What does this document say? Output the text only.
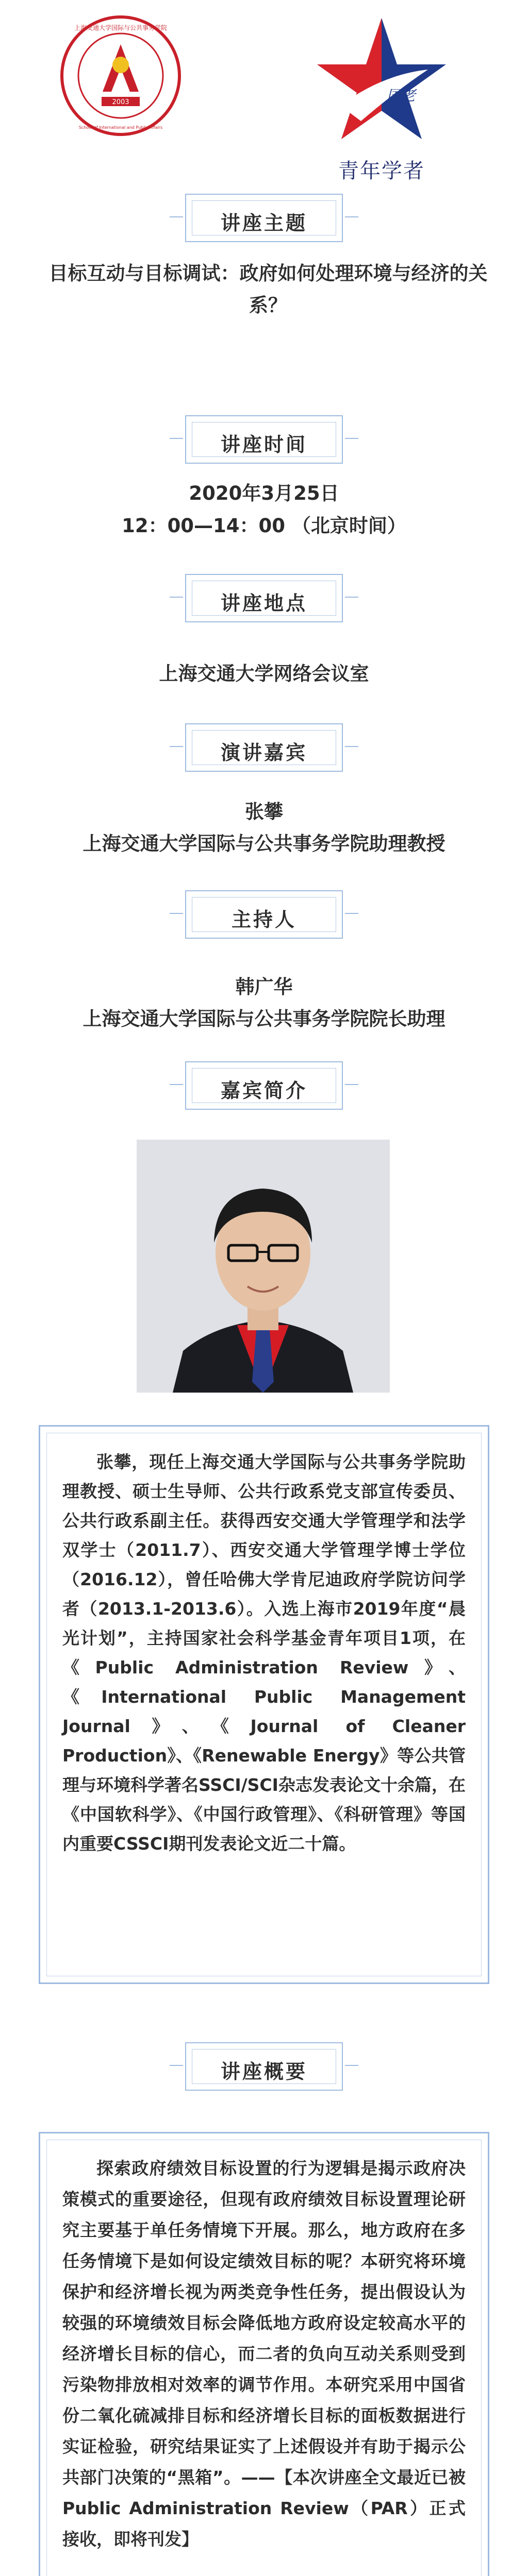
2003
上海交通大学国际与公共事务学院
School of International and Public Affairs
国老
青年学者
讲座主题
目标互动与目标调试：政府如何处理环境与经济的关系？
讲座时间
2020年3月25日
12：00—14：00 （北京时间）
讲座地点
上海交通大学网络会议室
演讲嘉宾
张攀
上海交通大学国际与公共事务学院助理教授
主持人
韩广华
上海交通大学国际与公共事务学院院长助理
嘉宾简介
张攀，现任上海交通大学国际与公共事务学院助理教授、硕士生导师、公共行政系党支部宣传委员、公共行政系副主任。获得西安交通大学管理学和法学双学士（2011.7）、西安交通大学管理学博士学位（2016.12），曾任哈佛大学肯尼迪政府学院访问学者（2013.1-2013.6）。入选上海市2019年度“晨光计划”，主持国家社会科学基金青年项目1项，在《Public Administration Review》、《International Public Management Journal》、《Journal of Cleaner Production》、《Renewable Energy》等公共管理与环境科学著名SSCI/SCI杂志发表论文十余篇，在《中国软科学》、《中国行政管理》、《科研管理》等国内重要CSSCI期刊发表论文近二十篇。
讲座概要
探索政府绩效目标设置的行为逻辑是揭示政府决策模式的重要途径，但现有政府绩效目标设置理论研究主要基于单任务情境下开展。那么，地方政府在多任务情境下是如何设定绩效目标的呢？本研究将环境保护和经济增长视为两类竞争性任务，提出假设认为较强的环境绩效目标会降低地方政府设定较高水平的经济增长目标的信心，而二者的负向互动关系则受到污染物排放相对效率的调节作用。本研究采用中国省份二氧化硫减排目标和经济增长目标的面板数据进行实证检验，研究结果证实了上述假设并有助于揭示公共部门决策的“黑箱”。——【本次讲座全文最近已被Public Administration Review（PAR）正式接收，即将刊发】
